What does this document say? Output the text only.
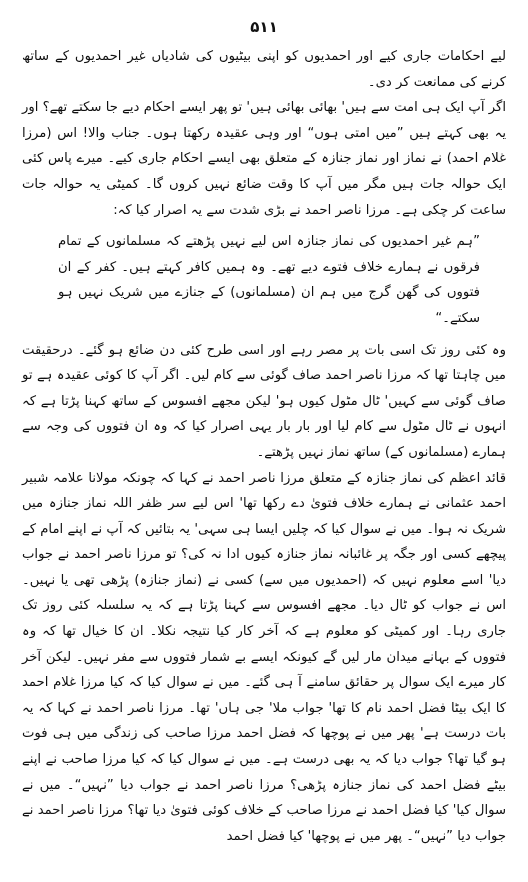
۵۱۱

لیے احکامات جاری کیے اور احمدیوں کو اپنی بیٹیوں کی شادیاں غیر احمدیوں کے ساتھ کرنے کی ممانعت کر دی۔

اگر آپ ایک ہی امت سے ہیں' بھائی بھائی ہیں' تو پھر ایسے احکام دیے جا سکتے تھے؟ اور یہ بھی کہتے ہیں ”میں امتی ہوں“ اور وہی عقیدہ رکھتا ہوں۔ جناب والا! اس (مرزا غلام احمد) نے نماز اور نماز جنازہ کے متعلق بھی ایسے احکام جاری کیے۔ میرے پاس کئی ایک حوالہ جات ہیں مگر میں آپ کا وقت ضائع نہیں کروں گا۔ کمیٹی یہ حوالہ جات ساعت کر چکی ہے۔ مرزا ناصر احمد نے بڑی شدت سے یہ اصرار کیا کہ:

”ہم غیر احمدیوں کی نماز جنازہ اس لیے نہیں پڑھتے کہ مسلمانوں کے تمام فرقوں نے ہمارے خلاف فتوے دیے تھے۔ وہ ہمیں کافر کہتے ہیں۔ کفر کے ان فتووں کی گھن گرج میں ہم ان (مسلمانوں) کے جنازے میں شریک نہیں ہو سکتے۔“

وہ کئی روز تک اسی بات پر مصر رہے اور اسی طرح کئی دن ضائع ہو گئے۔ درحقیقت میں چاہتا تھا کہ مرزا ناصر احمد صاف گوئی سے کام لیں۔ اگر آپ کا کوئی عقیدہ ہے تو صاف گوئی سے کہیں' ٹال مٹول کیوں ہو' لیکن مجھے افسوس کے ساتھ کہنا پڑتا ہے کہ انہوں نے ٹال مٹول سے کام لیا اور بار بار یہی اصرار کیا کہ وہ ان فتووں کی وجہ سے ہمارے (مسلمانوں کے) ساتھ نماز نہیں پڑھتے۔

قائد اعظم کی نماز جنازہ کے متعلق مرزا ناصر احمد نے کہا کہ چونکہ مولانا علامہ شبیر احمد عثمانی نے ہمارے خلاف فتویٰ دے رکھا تھا' اس لیے سر ظفر اللہ نماز جنازہ میں شریک نہ ہوا۔ میں نے سوال کیا کہ چلیں ایسا ہی سہی' یہ بتائیں کہ آپ نے اپنے امام کے پیچھے کسی اور جگہ پر غائبانہ نماز جنازہ کیوں ادا نہ کی؟ تو مرزا ناصر احمد نے جواب دیا' اسے معلوم نہیں کہ (احمدیوں میں سے) کسی نے (نماز جنازہ) پڑھی تھی یا نہیں۔ اس نے جواب کو ٹال دیا۔ مجھے افسوس سے کہنا پڑتا ہے کہ یہ سلسلہ کئی روز تک جاری رہا۔ اور کمیٹی کو معلوم ہے کہ آخر کار کیا نتیجہ نکلا۔ ان کا خیال تھا کہ وہ فتووں کے بہانے میدان مار لیں گے کیونکہ ایسے بے شمار فتووں سے مفر نہیں۔ لیکن آخر کار میرے ایک سوال پر حقائق سامنے آ ہی گئے۔ میں نے سوال کیا کہ کیا مرزا غلام احمد کا ایک بیٹا فضل احمد نام کا تھا' جواب ملا' جی ہاں' تھا۔ مرزا ناصر احمد نے کہا کہ یہ بات درست ہے' پھر میں نے پوچھا کہ فضل احمد مرزا صاحب کی زندگی میں ہی فوت ہو گیا تھا؟ جواب دیا کہ یہ بھی درست ہے۔ میں نے سوال کیا کہ کیا مرزا صاحب نے اپنے بیٹے فضل احمد کی نماز جنازہ پڑھی؟ مرزا ناصر احمد نے جواب دیا ”نہیں“۔ میں نے سوال کیا' کیا فضل احمد نے مرزا صاحب کے خلاف کوئی فتویٰ دیا تھا؟ مرزا ناصر احمد نے جواب دیا ”نہیں“۔ پھر میں نے پوچھا' کیا فضل احمد
